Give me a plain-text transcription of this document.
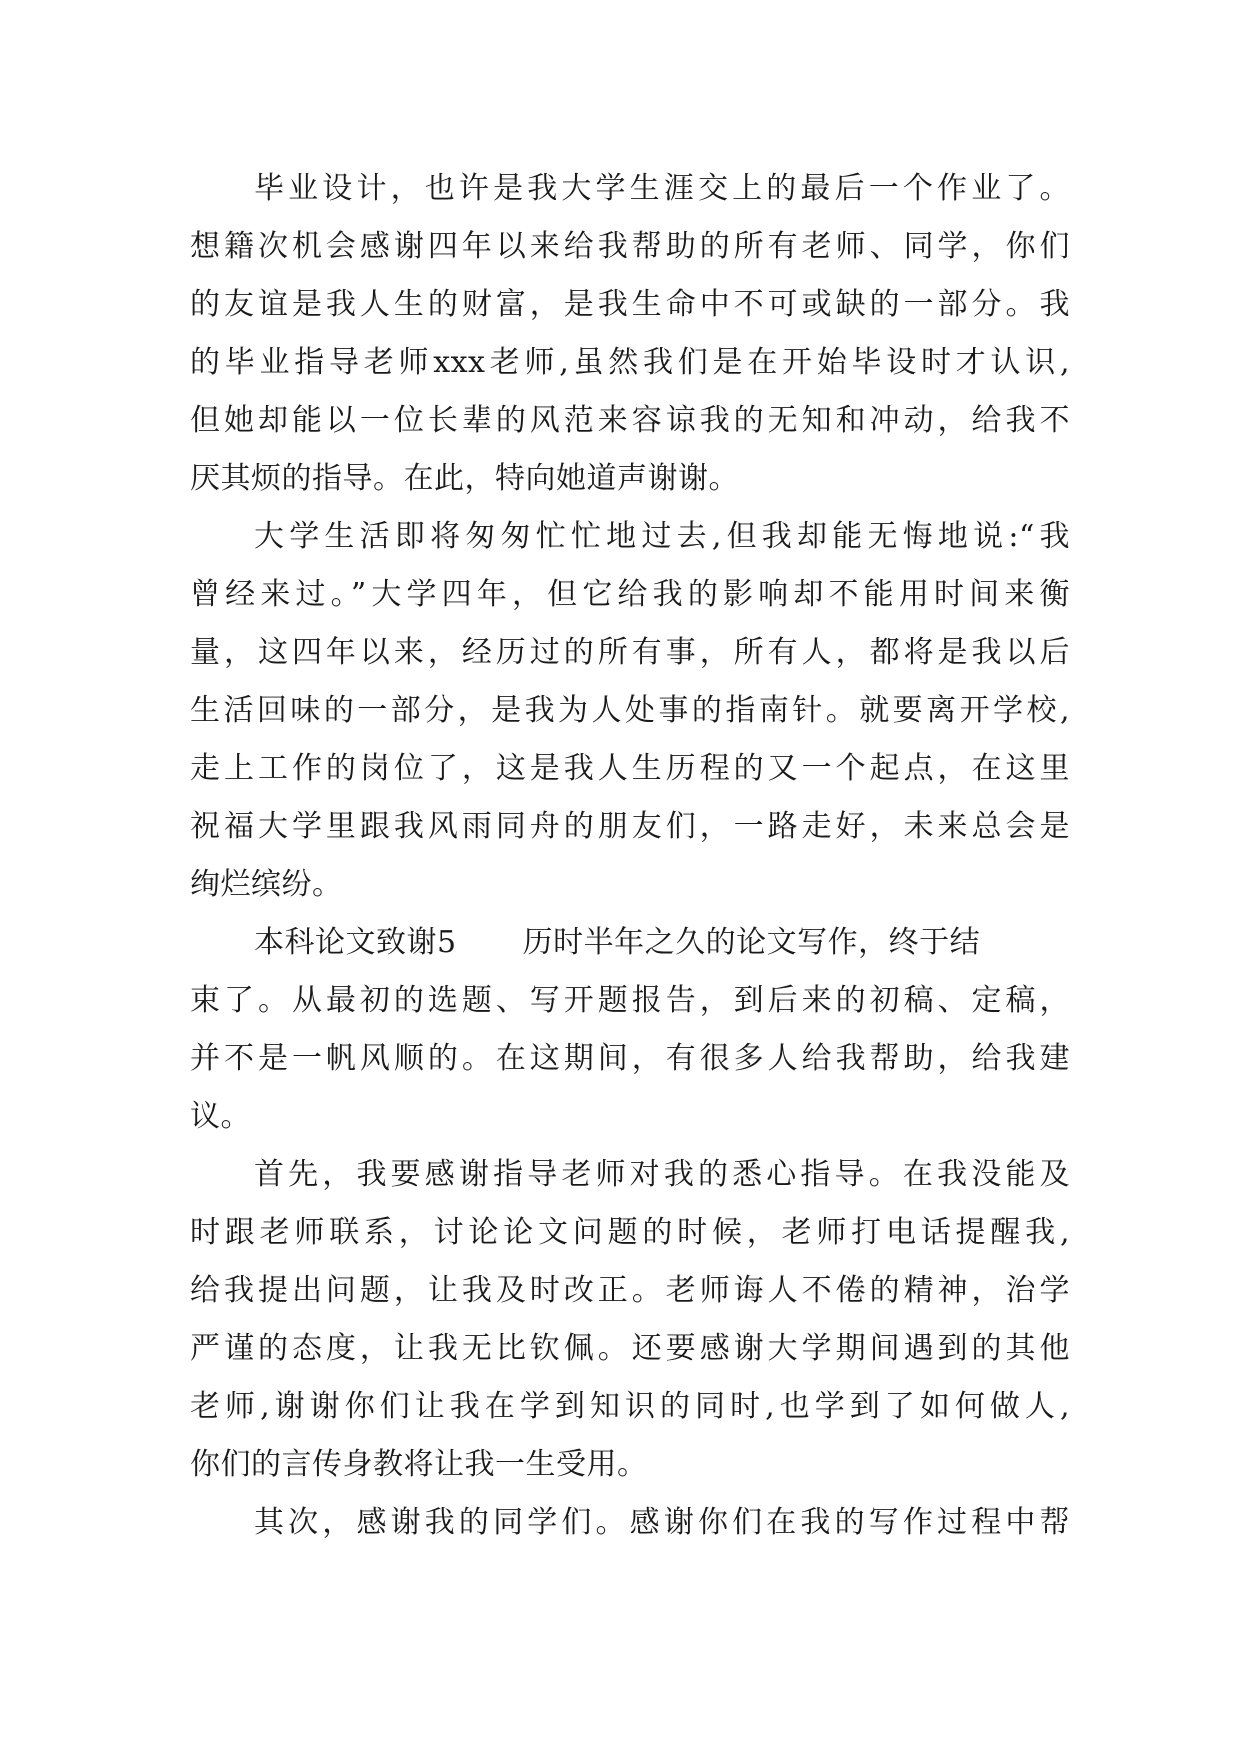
毕业设计，也许是我大学生涯交上的最后一个作业了。
想籍次机会感谢四年以来给我帮助的所有老师、同学，你们
的友谊是我人生的财富，是我生命中不可或缺的一部分。我
的毕业指导老师xxx老师,虽然我们是在开始毕设时才认识,
但她却能以一位长辈的风范来容谅我的无知和冲动，给我不
厌其烦的指导。在此，特向她道声谢谢。
大学生活即将匆匆忙忙地过去,但我却能无悔地说:“我
曾经来过。”大学四年，但它给我的影响却不能用时间来衡
量，这四年以来，经历过的所有事，所有人，都将是我以后
生活回味的一部分，是我为人处事的指南针。就要离开学校,
走上工作的岗位了，这是我人生历程的又一个起点，在这里
祝福大学里跟我风雨同舟的朋友们，一路走好，未来总会是
绚烂缤纷。
本科论文致谢5 历时半年之久的论文写作，终于结
束了。从最初的选题、写开题报告，到后来的初稿、定稿，
并不是一帆风顺的。在这期间，有很多人给我帮助，给我建
议。
首先，我要感谢指导老师对我的悉心指导。在我没能及
时跟老师联系，讨论论文问题的时候，老师打电话提醒我,
给我提出问题，让我及时改正。老师诲人不倦的精神，治学
严谨的态度，让我无比钦佩。还要感谢大学期间遇到的其他
老师,谢谢你们让我在学到知识的同时,也学到了如何做人,
你们的言传身教将让我一生受用。
其次，感谢我的同学们。感谢你们在我的写作过程中帮
